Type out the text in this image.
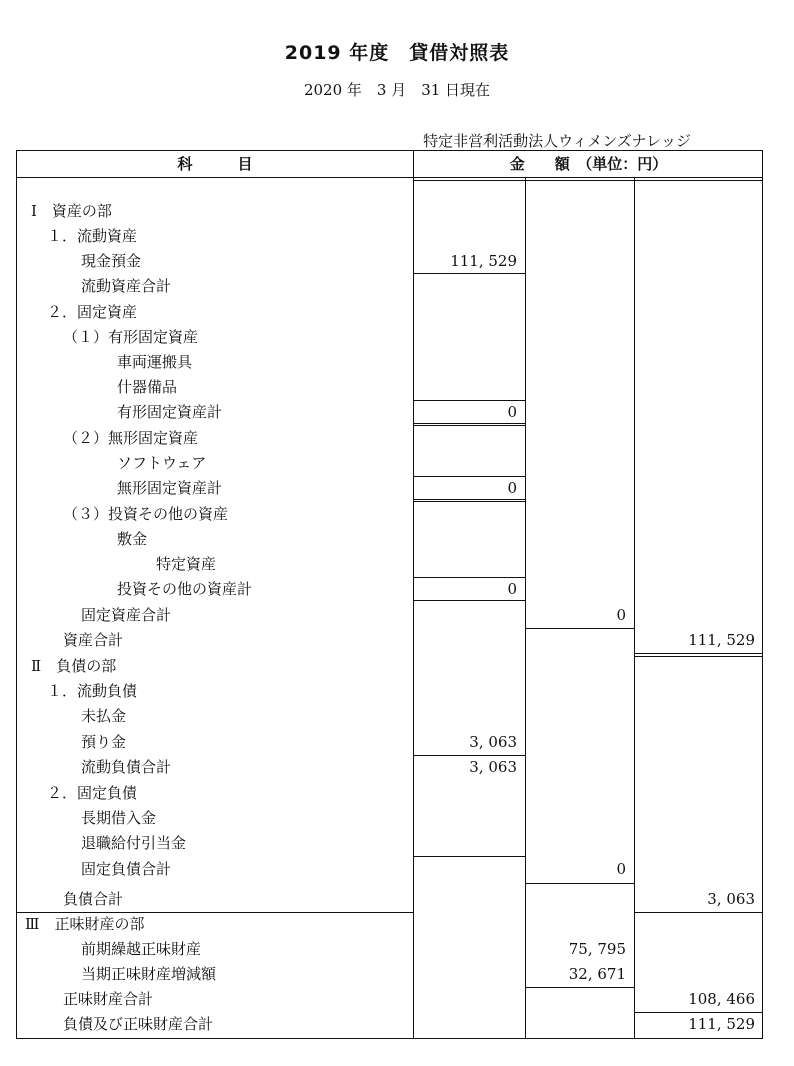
2019 年度　貸借対照表
2020 年　3 月　31 日現在
特定非営利活動法人ウィメンズナレッジ
科　　　目	金　　額　（単位：円）
Ⅰ　資産の部
１．流動資産
現金預金
流動資産合計
２．固定資産
（１）有形固定資産
車両運搬具
什器備品
有形固定資産計
（２）無形固定資産
ソフトウェア
無形固定資産計
（３）投資その他の資産
敷金
特定資産
投資その他の資産計
固定資産合計
資産合計
Ⅱ　負債の部
１．流動負債
未払金
預り金
流動負債合計
２．固定負債
長期借入金
退職給付引当金
固定負債合計
負債合計
Ⅲ　正味財産の部
前期繰越正味財産
当期正味財産増減額
正味財産合計
負債及び正味財産合計
111, 529
0
0
0
3, 063
3, 063
0
0
75, 795
32, 671
111, 529
3, 063
108, 466
111, 529
